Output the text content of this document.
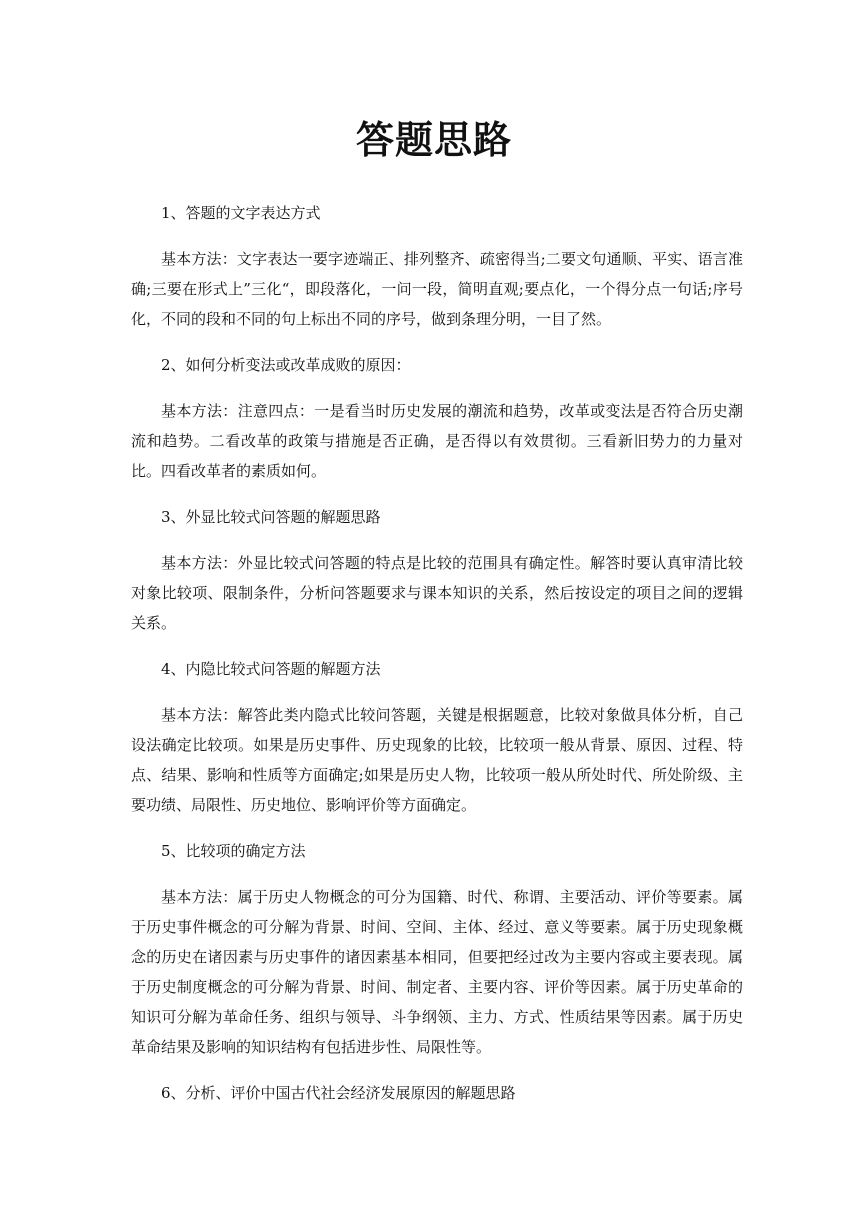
答题思路

1、答题的文字表达方式

基本方法：文字表达一要字迹端正、排列整齐、疏密得当;二要文句通顺、平实、语言准确;三要在形式上”三化“，即段落化，一问一段，简明直观;要点化，一个得分点一句话;序号化，不同的段和不同的句上标出不同的序号，做到条理分明，一目了然。

2、如何分析变法或改革成败的原因：

基本方法：注意四点：一是看当时历史发展的潮流和趋势，改革或变法是否符合历史潮流和趋势。二看改革的政策与措施是否正确，是否得以有效贯彻。三看新旧势力的力量对比。四看改革者的素质如何。

3、外显比较式问答题的解题思路

基本方法：外显比较式问答题的特点是比较的范围具有确定性。解答时要认真审清比较对象比较项、限制条件，分析问答题要求与课本知识的关系，然后按设定的项目之间的逻辑关系。

4、内隐比较式问答题的解题方法

基本方法：解答此类内隐式比较问答题，关键是根据题意，比较对象做具体分析，自己设法确定比较项。如果是历史事件、历史现象的比较，比较项一般从背景、原因、过程、特点、结果、影响和性质等方面确定;如果是历史人物，比较项一般从所处时代、所处阶级、主要功绩、局限性、历史地位、影响评价等方面确定。

5、比较项的确定方法

基本方法：属于历史人物概念的可分为国籍、时代、称谓、主要活动、评价等要素。属于历史事件概念的可分解为背景、时间、空间、主体、经过、意义等要素。属于历史现象概念的历史在诸因素与历史事件的诸因素基本相同，但要把经过改为主要内容或主要表现。属于历史制度概念的可分解为背景、时间、制定者、主要内容、评价等因素。属于历史革命的知识可分解为革命任务、组织与领导、斗争纲领、主力、方式、性质结果等因素。属于历史革命结果及影响的知识结构有包括进步性、局限性等。

6、分析、评价中国古代社会经济发展原因的解题思路
